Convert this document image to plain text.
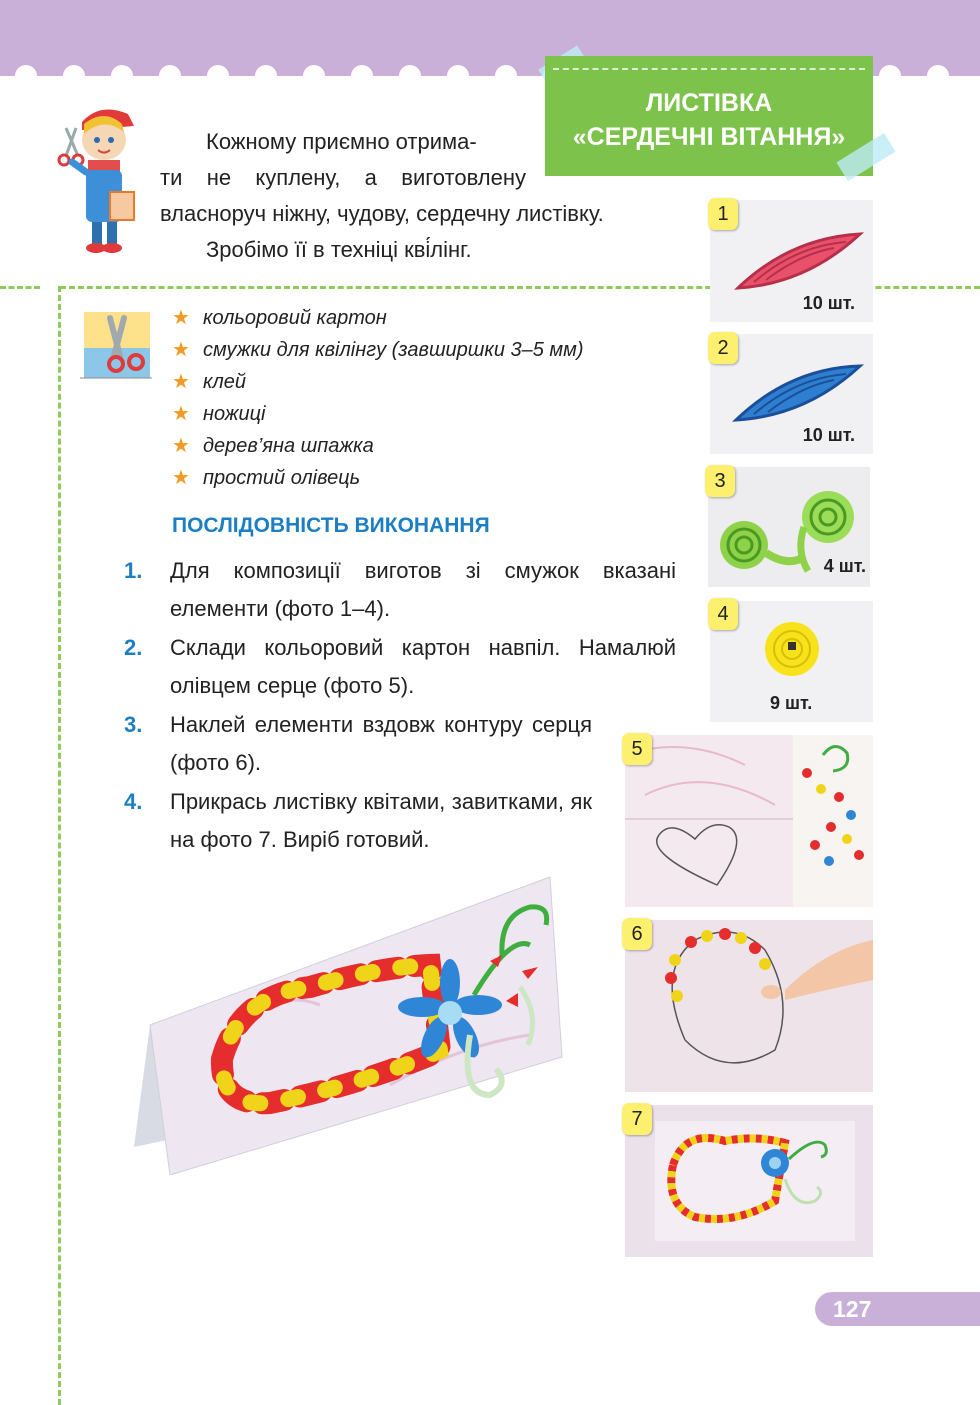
ЛИСТІВКА
«СЕРДЕЧНІ ВІТАННЯ»

Кожному приємно отрима-

ти не куплену, а виготовлену

власноруч ніжну, чудову, сердечну листівку.

Зробімо її в техніці кві́лінг.

★ кольоровий картон
★ смужки для квілінгу (завширшки 3–5 мм)
★ клей
★ ножиці
★ дерев’яна шпажка
★ простий олівець
ПОСЛІДОВНІСТЬ ВИКОНАННЯ
1.	Для композиції виготов зі смужок вказані елементи (фото 1–4).
2.	Склади кольоровий картон навпіл. Намалюй олівцем серце (фото 5).
3.	Наклей елементи вздовж контуру серця (фото 6).
4.	Прикрась листівку квітами, завитками, як на фото 7. Виріб готовий.
10 шт.
1
10 шт.
2
4 шт.
3
9 шт.
4
5
6
7
127
